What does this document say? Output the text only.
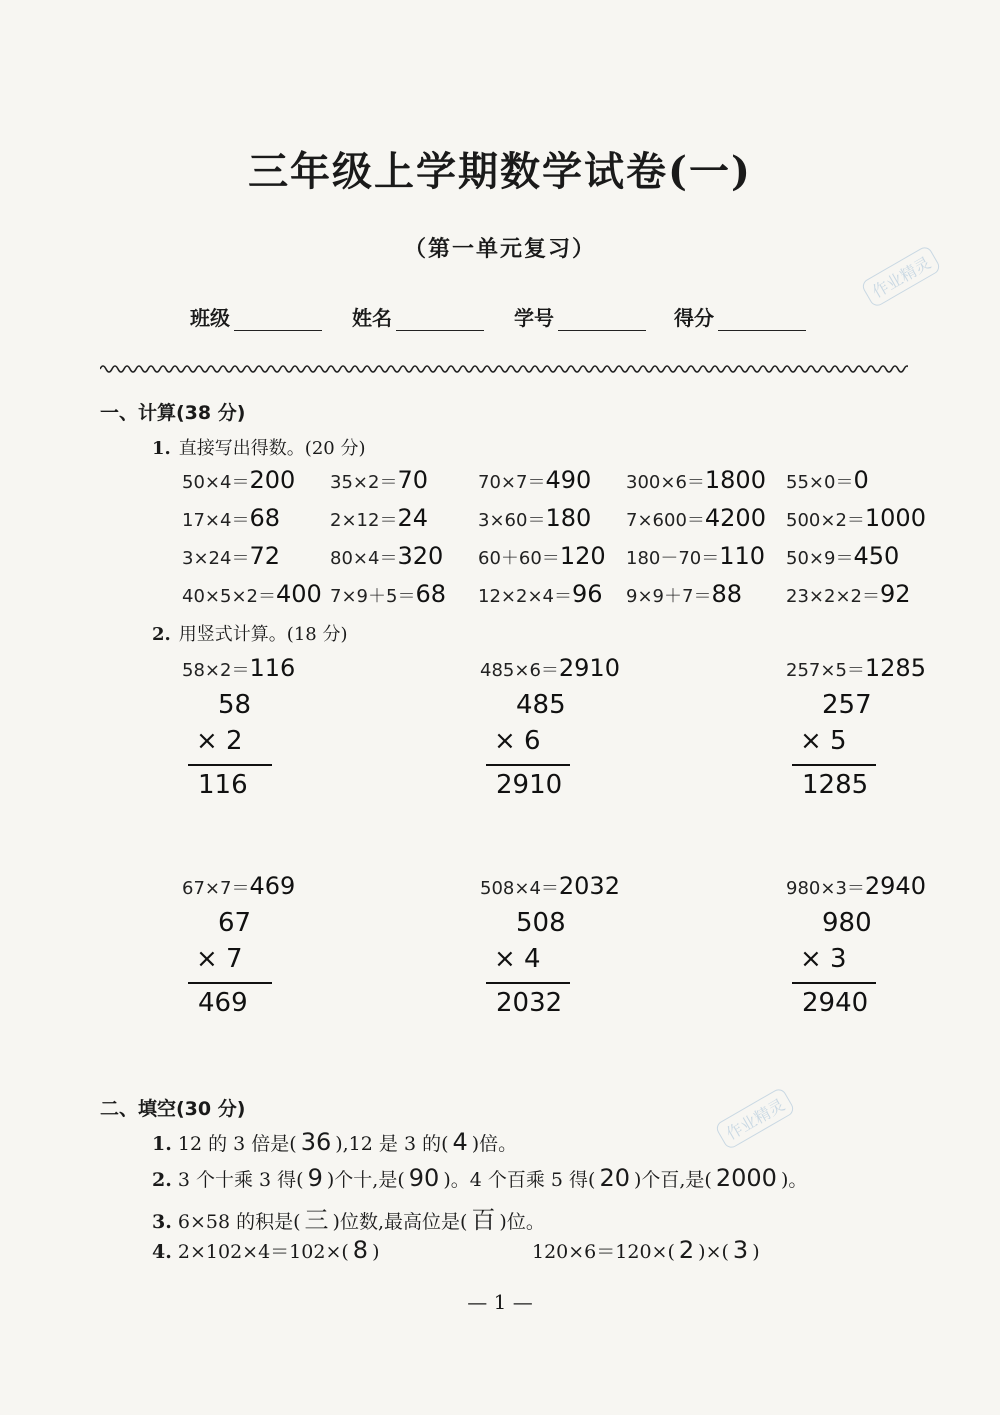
三年级上学期数学试卷(一)
（第一单元复习）
班级	姓名	学号	得分
作业精灵
作业精灵
一、计算(38 分)
1. 直接写出得数。(20 分)
50×4＝200 35×2＝70	70×7＝490 300×6＝1800 55×0＝0
17×4＝68	2×12＝24	3×60＝180 7×600＝4200 500×2＝1000
3×24＝72	80×4＝320 60＋60＝120 180－70＝110 50×9＝450
40×5×2＝400 7×9＋5＝68 12×2×4＝96 9×9＋7＝88 23×2×2＝92
2. 用竖式计算。(18 分)
58×2＝116
58
× 2
116
485×6＝2910
485
× 6
2910
257×5＝1285
257
× 5
1285
67×7＝469
67
× 7
469
508×4＝2032
508
× 4
2032
980×3＝2940
980
× 3
2940
二、填空(30 分)
1. 12 的 3 倍是( 36 ),12 是 3 的( 4 )倍。
2. 3 个十乘 3 得( 9 )个十,是( 90 )。4 个百乘 5 得( 20 )个百,是( 2000 )。
3. 6×58 的积是( 三 )位数,最高位是( 百 )位。
4. 2×102×4＝102×( 8 )	120×6＝120×( 2 )×( 3 )
— 1 —
